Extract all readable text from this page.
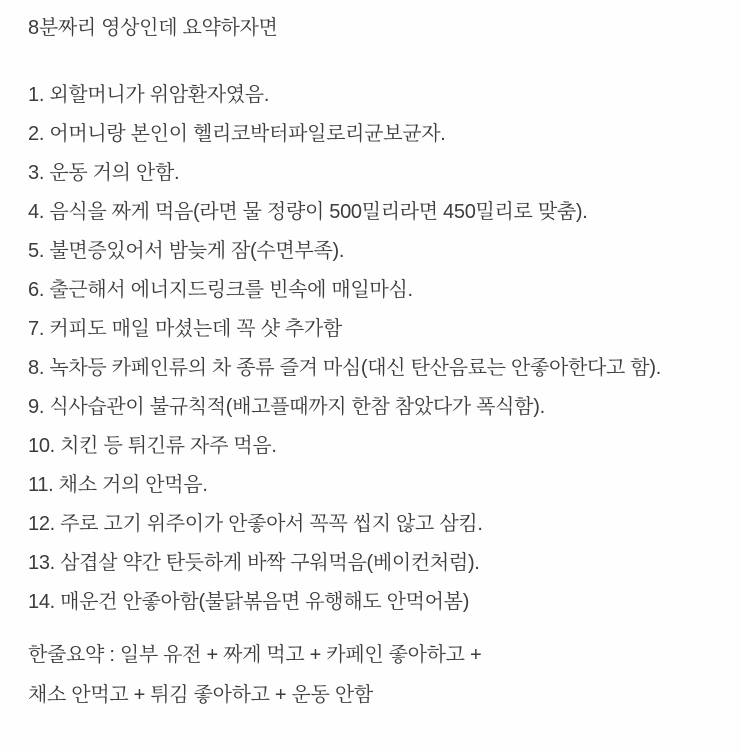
8분짜리 영상인데 요약하자면

1. 외할머니가 위암환자였음.
2. 어머니랑 본인이 헬리코박터파일로리균보균자.
3. 운동 거의 안함.
4. 음식을 짜게 먹음(라면 물 정량이 500밀리라면 450밀리로 맞춤).
5. 불면증있어서 밤늦게 잠(수면부족).
6. 출근해서 에너지드링크를 빈속에 매일마심.
7. 커피도 매일 마셨는데 꼭 샷 추가함
8. 녹차등 카페인류의 차 종류 즐겨 마심(대신 탄산음료는 안좋아한다고 함).
9. 식사습관이 불규칙적(배고플때까지 한참 참았다가 폭식함).
10. 치킨 등 튀긴류 자주 먹음.
11. 채소 거의 안먹음.
12. 주로 고기 위주이가 안좋아서 꼭꼭 씹지 않고 삼킴.
13. 삼겹살 약간 탄듯하게 바짝 구워먹음(베이컨처럼).
14. 매운건 안좋아함(불닭볶음면 유행해도 안먹어봄)

한줄요약 : 일부 유전 + 짜게 먹고 + 카페인 좋아하고 +

채소 안먹고 + 튀김 좋아하고 + 운동 안함
